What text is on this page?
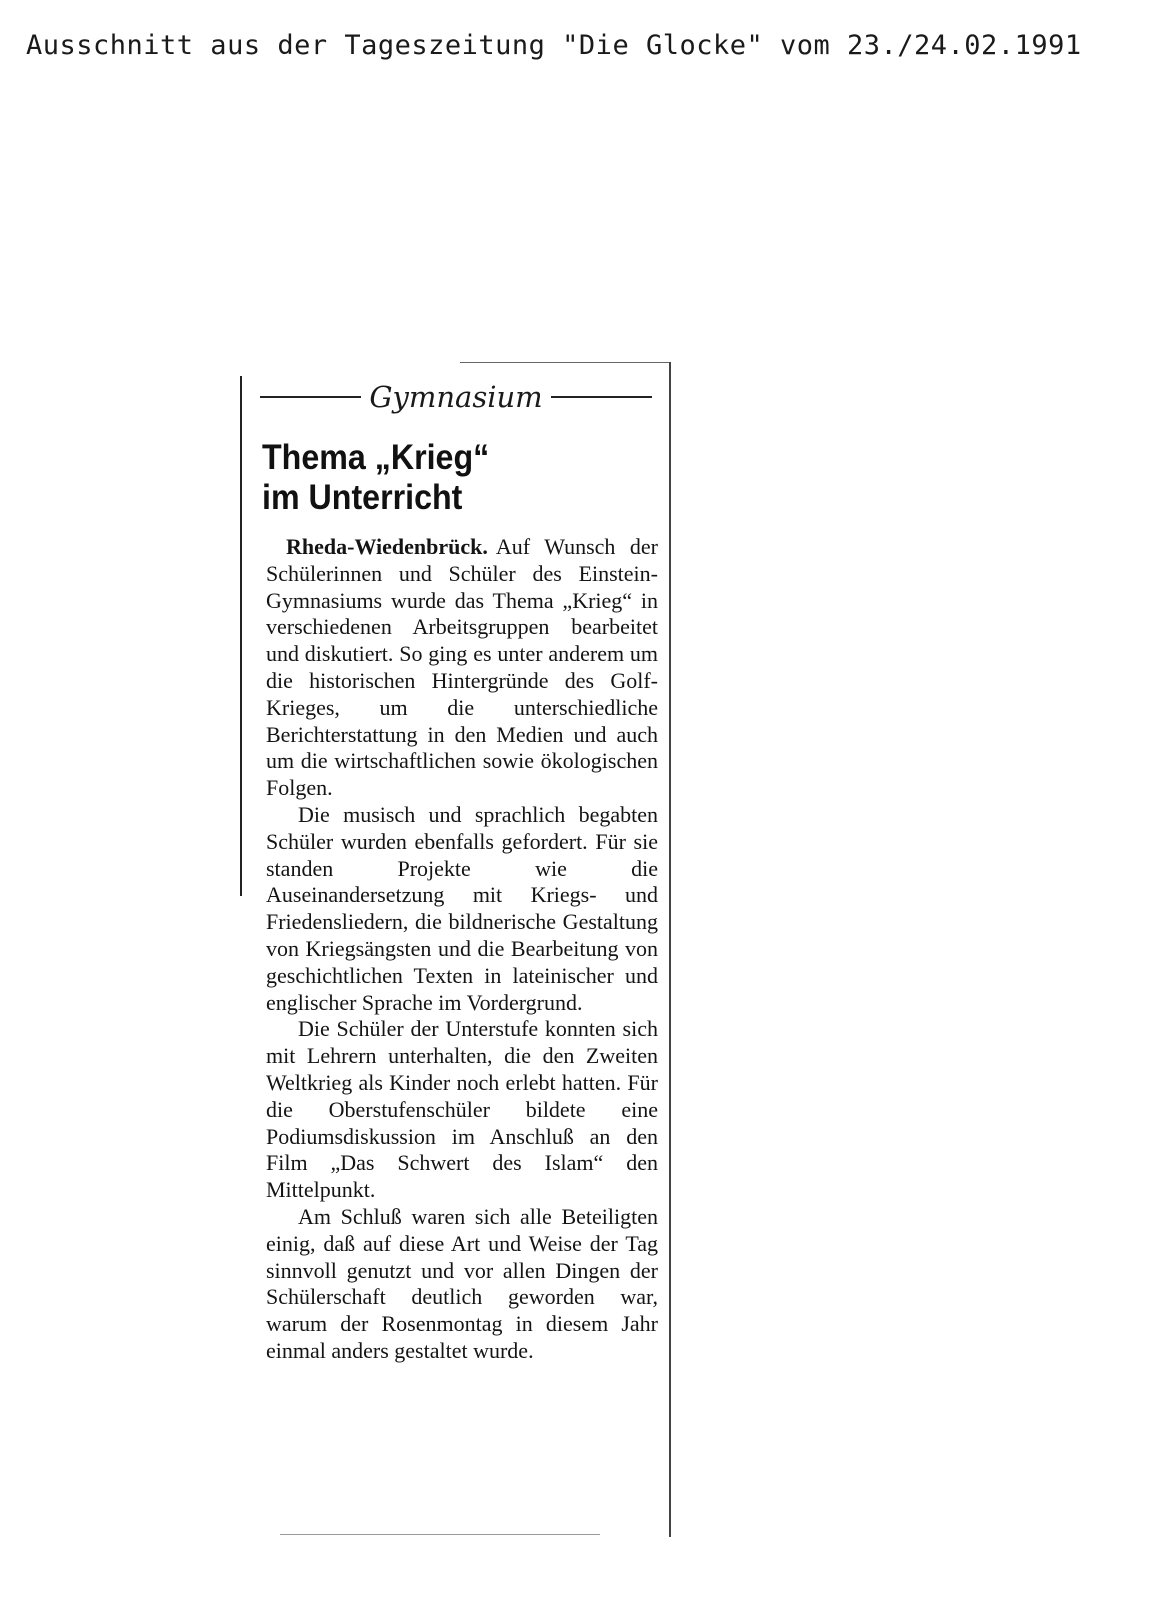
Ausschnitt aus der Tageszeitung "Die Glocke" vom 23./24.02.1991
Gymnasium
Thema „Krieg“
im Unterricht

Rheda-Wiedenbrück. Auf Wunsch der Schülerinnen und Schüler des Einstein-Gymnasiums wurde das Thema „Krieg“ in verschiedenen Arbeitsgruppen bearbeitet und diskutiert. So ging es unter anderem um die historischen Hintergründe des Golf-Krieges, um die unterschiedliche Berichterstattung in den Medien und auch um die wirtschaftlichen sowie ökologischen Folgen.

Die musisch und sprachlich begabten Schüler wurden ebenfalls gefordert. Für sie standen Projekte wie die Auseinandersetzung mit Kriegs- und Friedensliedern, die bildnerische Gestaltung von Kriegsängsten und die Bearbeitung von geschichtlichen Texten in lateinischer und englischer Sprache im Vordergrund.

Die Schüler der Unterstufe konnten sich mit Lehrern unterhalten, die den Zweiten Weltkrieg als Kinder noch erlebt hatten. Für die Oberstufenschüler bildete eine Podiumsdiskussion im Anschluß an den Film „Das Schwert des Islam“ den Mittelpunkt.

Am Schluß waren sich alle Beteiligten einig, daß auf diese Art und Weise der Tag sinnvoll genutzt und vor allen Dingen der Schülerschaft deutlich geworden war, warum der Rosenmontag in diesem Jahr einmal anders gestaltet wurde.
